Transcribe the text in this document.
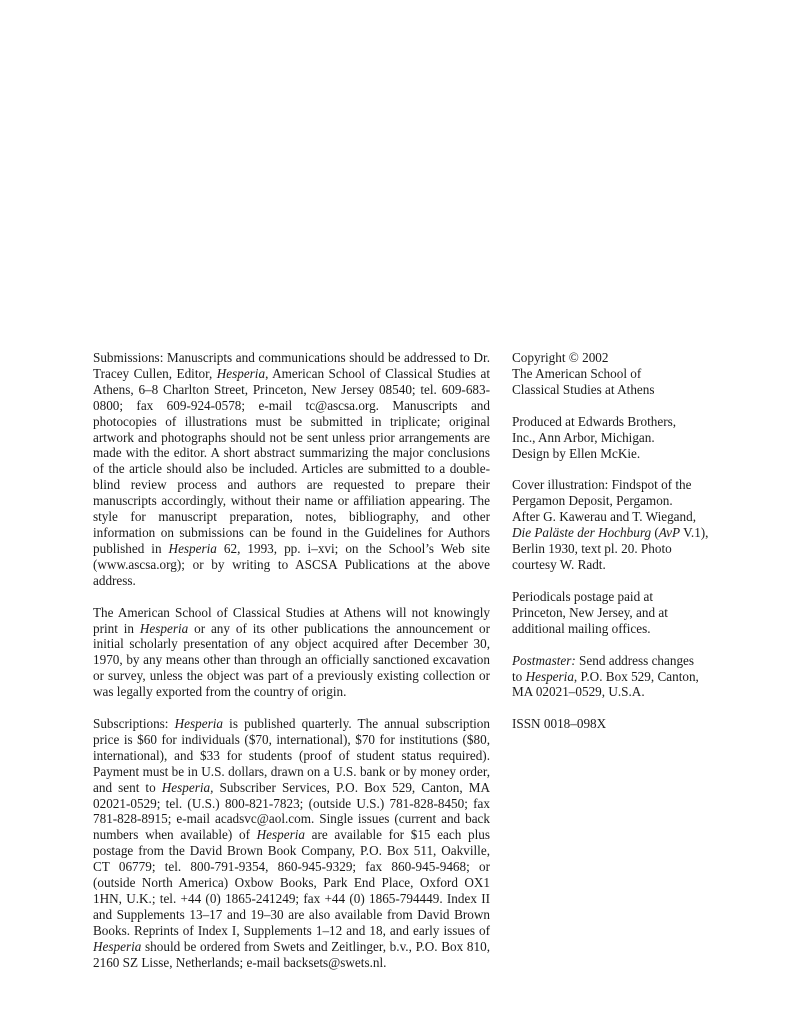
Submissions: Manuscripts and communications should be addressed to Dr. Tracey Cullen, Editor, Hesperia, American School of Classical Studies at Athens, 6–8 Charlton Street, Princeton, New Jersey 08540; tel. 609-683-0800; fax 609-924-0578; e-mail tc@ascsa.org. Manuscripts and photocopies of illustrations must be submitted in triplicate; original artwork and photographs should not be sent unless prior arrangements are made with the editor. A short abstract summarizing the major conclusions of the article should also be included. Articles are submitted to a double-blind review process and authors are requested to prepare their manuscripts accordingly, without their name or affiliation appearing. The style for manuscript preparation, notes, bibliography, and other information on submissions can be found in the Guidelines for Authors published in Hesperia 62, 1993, pp. i–xvi; on the School’s Web site (www.ascsa.org); or by writing to ASCSA Publications at the above address.

The American School of Classical Studies at Athens will not knowingly print in Hesperia or any of its other publications the announcement or initial scholarly presentation of any object acquired after December 30, 1970, by any means other than through an officially sanctioned excavation or survey, unless the object was part of a previously existing collection or was legally exported from the country of origin.

Subscriptions: Hesperia is published quarterly. The annual subscription price is $60 for individuals ($70, international), $70 for institutions ($80, international), and $33 for students (proof of student status required). Payment must be in U.S. dollars, drawn on a U.S. bank or by money order, and sent to Hesperia, Subscriber Services, P.O. Box 529, Canton, MA 02021-0529; tel. (U.S.) 800-821-7823; (outside U.S.) 781-828-8450; fax 781-828-8915; e-mail acadsvc@aol.com. Single issues (current and back numbers when available) of Hesperia are available for $15 each plus postage from the David Brown Book Company, P.O. Box 511, Oakville, CT 06779; tel. 800-791-9354, 860-945-9329; fax 860-945-9468; or (outside North America) Oxbow Books, Park End Place, Oxford OX1 1HN, U.K.; tel. +44 (0) 1865-241249; fax +44 (0) 1865-794449. Index II and Supplements 13–17 and 19–30 are also available from David Brown Books. Reprints of Index I, Supplements 1–12 and 18, and early issues of Hesperia should be ordered from Swets and Zeitlinger, b.v., P.O. Box 810, 2160 SZ Lisse, Netherlands; e-mail backsets@swets.nl.

Copyright © 2002
The American School of
Classical Studies at Athens

Produced at Edwards Brothers,
Inc., Ann Arbor, Michigan.
Design by Ellen McKie.

Cover illustration: Findspot of the
Pergamon Deposit, Pergamon.
After G. Kawerau and T. Wiegand,
Die Paläste der Hochburg (AvP V.1),
Berlin 1930, text pl. 20. Photo
courtesy W. Radt.

Periodicals postage paid at
Princeton, New Jersey, and at
additional mailing offices.

Postmaster: Send address changes
to Hesperia, P.O. Box 529, Canton,
MA 02021–0529, U.S.A.

ISSN 0018–098X
